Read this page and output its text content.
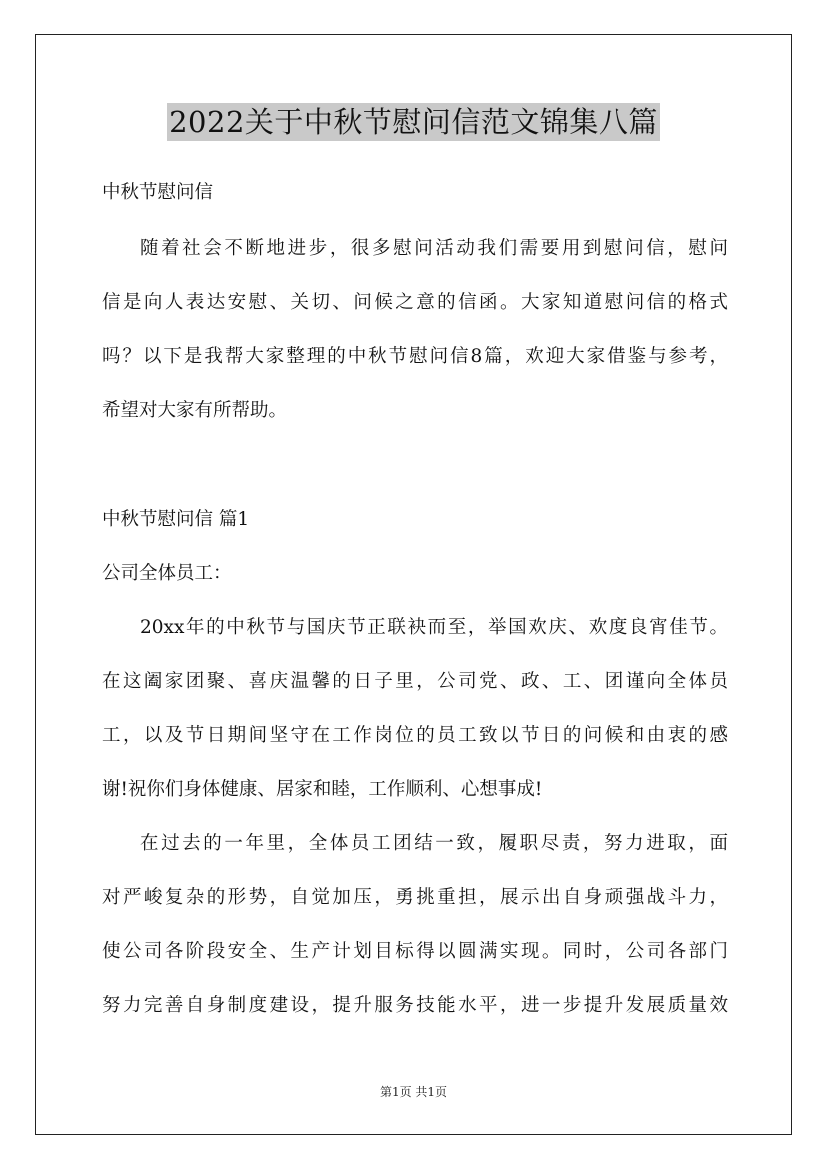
2022关于中秋节慰问信范文锦集八篇
中秋节慰问信
随着社会不断地进步，很多慰问活动我们需要用到慰问信，慰问
信是向人表达安慰、关切、问候之意的信函。大家知道慰问信的格式
吗？以下是我帮大家整理的中秋节慰问信8篇，欢迎大家借鉴与参考，
希望对大家有所帮助。
中秋节慰问信 篇1
公司全体员工：
20xx年的中秋节与国庆节正联袂而至，举国欢庆、欢度良宵佳节。
在这阖家团聚、喜庆温馨的日子里，公司党、政、工、团谨向全体员
工，以及节日期间坚守在工作岗位的员工致以节日的问候和由衷的感
谢!祝你们身体健康、居家和睦，工作顺利、心想事成!
在过去的一年里，全体员工团结一致，履职尽责，努力进取，面
对严峻复杂的形势，自觉加压，勇挑重担，展示出自身顽强战斗力，
使公司各阶段安全、生产计划目标得以圆满实现。同时，公司各部门
努力完善自身制度建设，提升服务技能水平，进一步提升发展质量效
第1页 共1页
